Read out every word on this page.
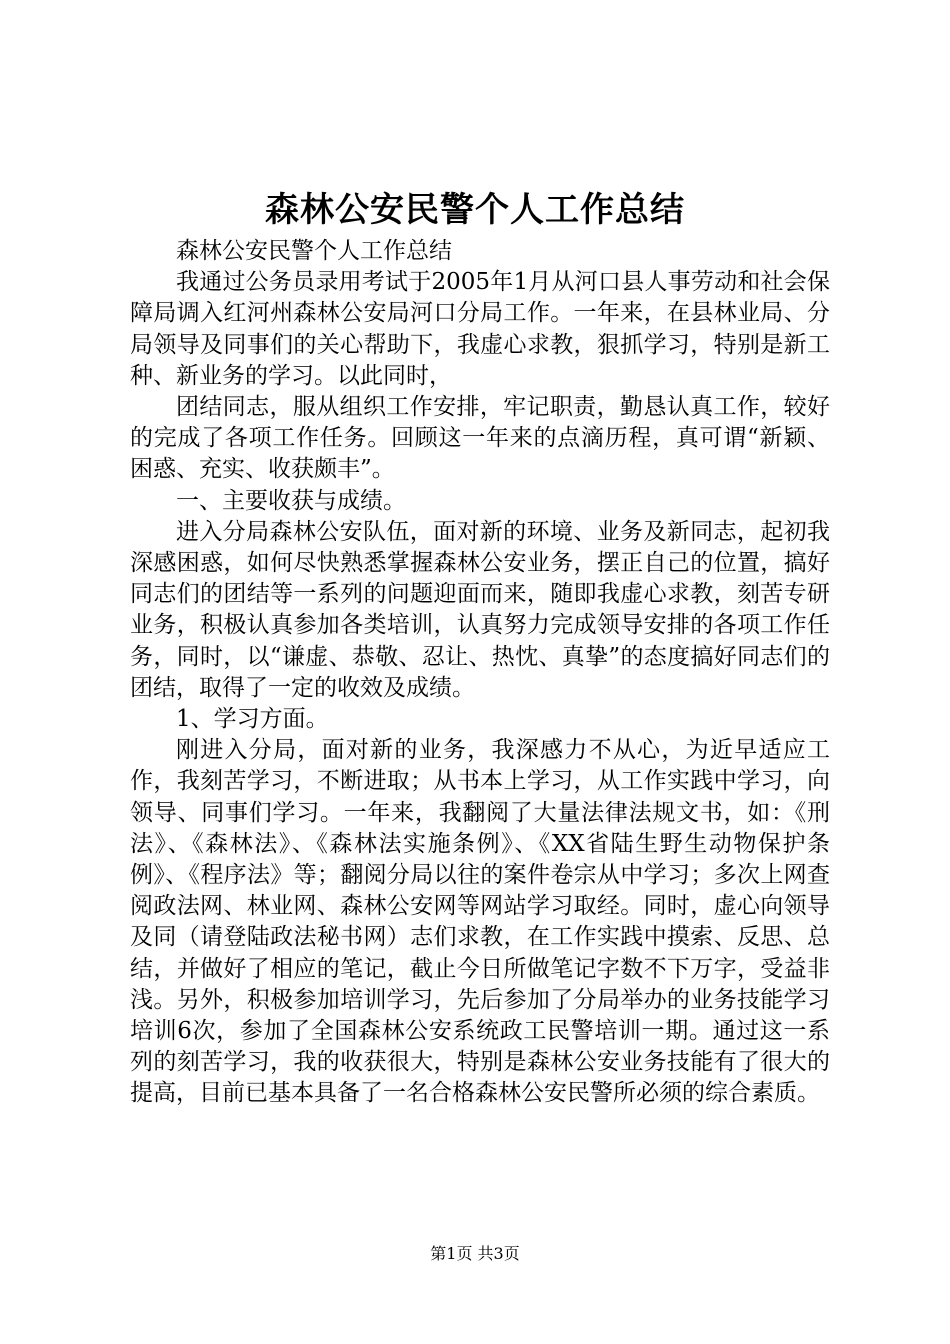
森林公安民警个人工作总结

森林公安民警个人工作总结

我通过公务员录用考试于2005年1月从河口县人事劳动和社会保障局调入红河州森林公安局河口分局工作。一年来，在县林业局、分局领导及同事们的关心帮助下，我虚心求教，狠抓学习，特别是新工种、新业务的学习。以此同时，

团结同志，服从组织工作安排，牢记职责，勤恳认真工作，较好的完成了各项工作任务。回顾这一年来的点滴历程，真可谓“新颖、困惑、充实、收获颇丰”。

一、主要收获与成绩。

进入分局森林公安队伍，面对新的环境、业务及新同志，起初我深感困惑，如何尽快熟悉掌握森林公安业务，摆正自己的位置，搞好同志们的团结等一系列的问题迎面而来，随即我虚心求教，刻苦专研业务，积极认真参加各类培训，认真努力完成领导安排的各项工作任务，同时，以“谦虚、恭敬、忍让、热忱、真挚”的态度搞好同志们的团结，取得了一定的收效及成绩。

1、学习方面。

刚进入分局，面对新的业务，我深感力不从心，为近早适应工作，我刻苦学习，不断进取；从书本上学习，从工作实践中学习，向领导、同事们学习。一年来，我翻阅了大量法律法规文书，如：《刑法》、《森林法》、《森林法实施条例》、《XX省陆生野生动物保护条例》、《程序法》等；翻阅分局以往的案件卷宗从中学习；多次上网查阅政法网、林业网、森林公安网等网站学习取经。同时，虚心向领导及同（请登陆政法秘书网）志们求教，在工作实践中摸索、反思、总结，并做好了相应的笔记，截止今日所做笔记字数不下万字，受益非浅。另外，积极参加培训学习，先后参加了分局举办的业务技能学习培训6次，参加了全国森林公安系统政工民警培训一期。通过这一系列的刻苦学习，我的收获很大，特别是森林公安业务技能有了很大的提高，目前已基本具备了一名合格森林公安民警所必须的综合素质。

第1页 共3页
